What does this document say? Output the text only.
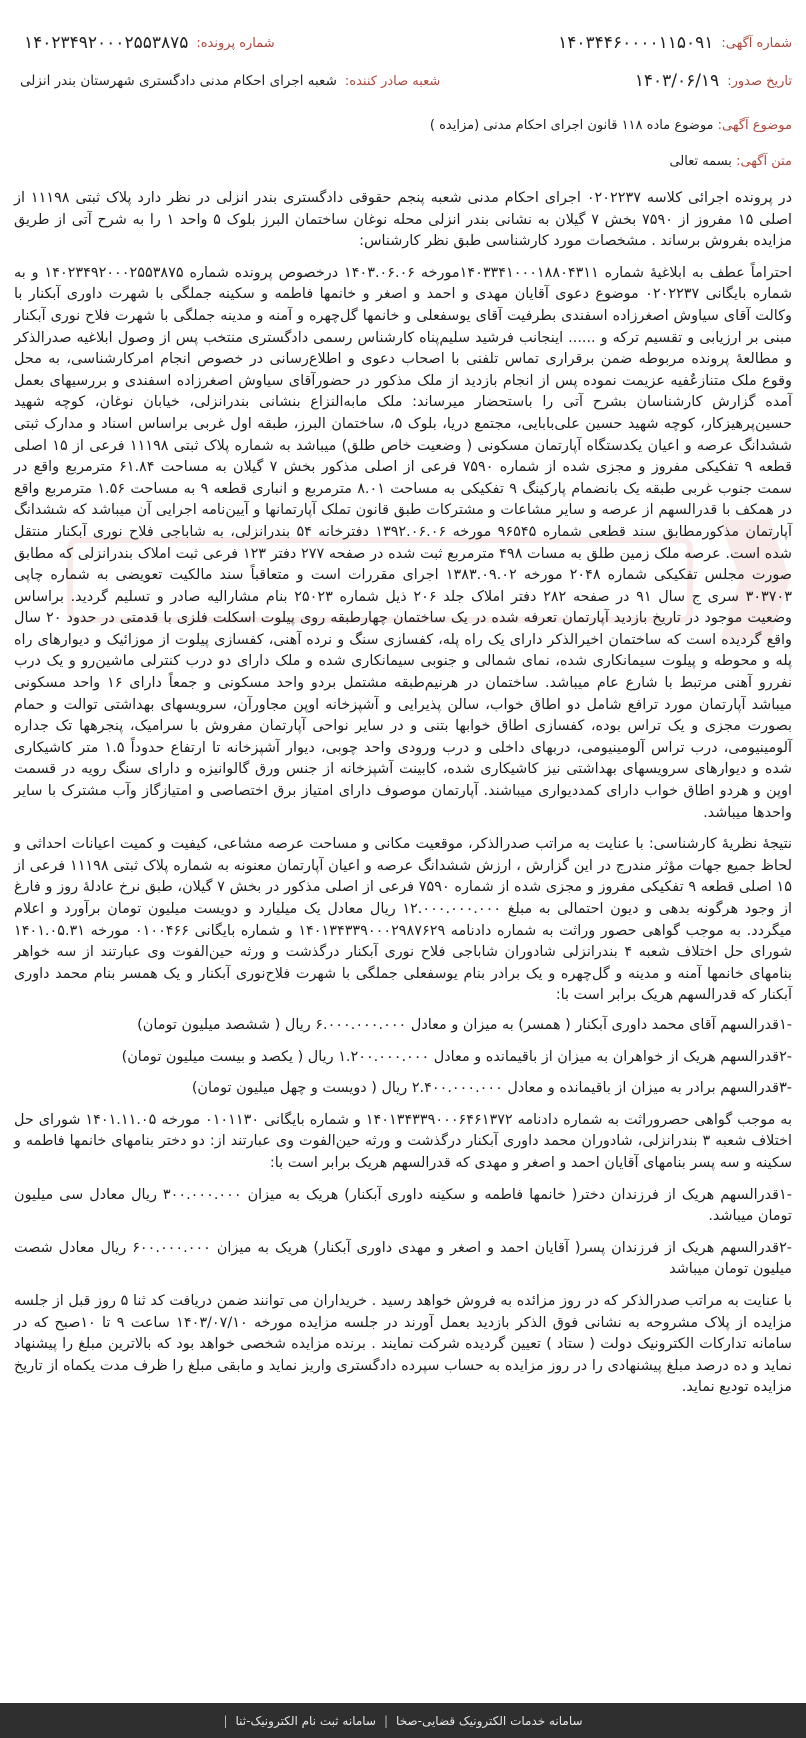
شماره آگهی:
۱۴۰۳۴۴۶۰۰۰۰۱۱۵۰۹۱
شماره پرونده:
۱۴۰۲۳۴۹۲۰۰۰۲۵۵۳۸۷۵
تاریخ صدور:
۱۴۰۳/۰۶/۱۹
شعبه صادر کننده:
شعبه اجرای احکام مدنی دادگستری شهرستان بندر انزلی
موضوع آگهی: موضوع ماده ۱۱۸ قانون اجرای احکام مدنی (مزایده )
متن آگهی: بسمه تعالی

در پرونده اجرائی کلاسه ۰۲۰۲۲۳۷ اجرای احکام مدنی شعبه پنجم حقوقی دادگستری بندر انزلی در نظر دارد پلاک ثبتی ۱۱۱۹۸ از اصلی ۱۵ مفروز از ۷۵۹۰ بخش ۷ گیلان به نشانی بندر انزلی محله نوغان ساختمان البرز بلوک ۵ واحد ۱ را به شرح آتی از طریق مزایده بفروش برساند . مشخصات مورد کارشناسی طبق نظر کارشناس:

احتراماً عطف به ابلاغیهٔ شماره ۱۴۰۳۳۴۱۰۰۰۱۸۸۰۴۳۱۱مورخه ۱۴۰۳.۰۶.۰۶ درخصوص پرونده شماره ۱۴۰۲۳۴۹۲۰۰۰۲۵۵۳۸۷۵ و به شماره بایگانی ۰۲۰۲۲۳۷ موضوع دعوی آقایان مهدی و احمد و اصغر و خانمها فاطمه و سکینه جملگی با شهرت داوری آبکنار با وکالت آقای سیاوش اصغرزاده اسفندی بطرفیت آقای یوسفعلی و خانمها گل‌چهره و آمنه و مدینه جملگی با شهرت فلاح نوری آبکنار مبنی بر ارزیابی و تقسیم ترکه و ...... اینجانب فرشید سلیم‌پناه کارشناس رسمی دادگستری منتخب پس از وصول ابلاغیه صدرالذکر و مطالعهٔ پرونده مربوطه ضمن برقراری تماس تلفنی با اصحاب دعوی و اطلاع‌رسانی در خصوص انجام امرکارشناسی، به محل وقوع ملک متنازعٌفیه عزیمت نموده پس از انجام بازدید از ملک مذکور در حضورآقای سیاوش اصغرزاده اسفندی و بررسیهای بعمل آمده گزارش کارشناسان بشرح آتی را باستحضار میرساند: ملک مابه‌النزاع بنشانی بندرانزلی، خیابان نوغان، کوچه شهید حسین‌پرهیزکار، کوچه شهید حسین علی‌بابایی، مجتمع دریا، بلوک ۵، ساختمان البرز، طبقه اول غربی براساس اسناد و مدارک ثبتی ششدانگ عرصه و اعیان یکدستگاه آپارتمان مسکونی ( وضعیت خاص طلق) میباشد به شماره پلاک ثبتی ۱۱۱۹۸ فرعی از ۱۵ اصلی قطعه ۹ تفکیکی مفروز و مجزی شده از شماره ۷۵۹۰ فرعی از اصلی مذکور بخش ۷ گیلان به مساحت ۶۱.۸۴ مترمربع واقع در سمت جنوب غربی طبقه یک بانضمام پارکینگ ۹ تفکیکی به مساحت ۸.۰۱ مترمربع و انباری قطعه ۹ به مساحت ۱.۵۶ مترمربع واقع در همکف با قدرالسهم از عرصه و سایر مشاعات و مشترکات طبق قانون تملک آپارتمانها و آیین‌نامه اجرایی آن میباشد که ششدانگ آپارتمان مذکورمطابق سند قطعی شماره ۹۶۵۴۵ مورخه ۱۳۹۲.۰۶.۰۶ دفترخانه ۵۴ بندرانزلی، به شاباجی فلاح نوری آبکنار منتقل شده است. عرصه ملک زمین طلق به مسات ۴۹۸ مترمربع ثبت شده در صفحه ۲۷۷ دفتر ۱۲۳ فرعی ثبت املاک بندرانزلی که مطابق صورت مجلس تفکیکی شماره ۲۰۴۸ مورخه ۱۳۸۳.۰۹.۰۲ اجرای مقررات است و متعاقباً سند مالکیت تعویضی به شماره چاپی ۳۰۳۷۰۳ سری ج سال ۹۱ در صفحه ۲۸۲ دفتر املاک جلد ۲۰۶ ذیل شماره ۲۵۰۲۳ بنام مشارالیه صادر و تسلیم گردید. براساس وضعیت موجود در تاریخ بازدید آپارتمان تعرفه شده در یک ساختمان چهارطبقه روی پیلوت اسکلت فلزی با قدمتی در حدود ۲۰ سال واقع گردیده است که ساختمان اخیرالذکر دارای یک راه پله، کفسازی سنگ و نرده آهنی، کفسازی پیلوت از موزائیک و دیوارهای راه پله و محوطه و پیلوت سیمانکاری شده، نمای شمالی و جنوبی سیمانکاری شده و ملک دارای دو درب کنترلی ماشین‌رو و یک درب نفررو آهنی مرتبط با شارع عام میباشد. ساختمان در هرنیم‌طبقه مشتمل بردو واحد مسکونی و جمعاً دارای ۱۶ واحد مسکونی میباشد آپارتمان مورد ترافع شامل دو اطاق خواب، سالن پذیرایی و آشپزخانه اوپن مجاورآن، سرویسهای بهداشتی توالت و حمام بصورت مجزی و یک تراس بوده، کفسازی اطاق خوابها بتنی و در سایر نواحی آپارتمان مفروش با سرامیک، پنجرهها تک جداره آلومینیومی، درب تراس آلومینیومی، دربهای داخلی و درب ورودی واحد چوبی، دیوار آشپزخانه تا ارتفاع حدوداً ۱.۵ متر کاشیکاری شده و دیوارهای سرویسهای بهداشتی نیز کاشیکاری شده، کابینت آشپزخانه از جنس ورق گالوانیزه و دارای سنگ رویه در قسمت اوپن و هردو اطاق خواب دارای کمددیواری میباشند. آپارتمان موصوف دارای امتیاز برق اختصاصی و امتیازگاز وآب مشترک با سایر واحدها میباشد.

نتیجهٔ نظریهٔ کارشناسی: با عنایت به مراتب صدرالذکر، موقعیت مکانی و مساحت عرصه مشاعی، کیفیت و کمیت اعیانات احداثی و لحاظ جمیع جهات مؤثر مندرج در این گزارش ، ارزش ششدانگ عرصه و اعیان آپارتمان معنونه به شماره پلاک ثبتی ۱۱۱۹۸ فرعی از ۱۵ اصلی قطعه ۹ تفکیکی مفروز و مجزی شده از شماره ۷۵۹۰ فرعی از اصلی مذکور در بخش ۷ گیلان، طبق نرخ عادلهٔ روز و فارغ از وجود هرگونه بدهی و دیون احتمالی به مبلغ ۱۲.۰۰۰.۰۰۰.۰۰۰ ریال معادل یک میلیارد و دویست میلیون تومان برآورد و اعلام میگردد. به موجب گواهی حصور وراثت به شماره دادنامه ۱۴۰۱۳۴۳۳۹۰۰۰۲۹۸۷۶۲۹ و شماره بایگانی ۰۱۰۰۴۶۶ مورخه ۱۴۰۱.۰۵.۳۱ شورای حل اختلاف شعبه ۴ بندرانزلی شادوران شاباجی فلاح نوری آبکنار درگذشت و ورثه حین‌الفوت وی عبارتند از سه خواهر بنامهای خانمها آمنه و مدینه و گل‌چهره و یک برادر بنام یوسفعلی جملگی با شهرت فلاح‌نوری آبکنار و یک همسر بنام محمد داوری آبکنار که قدرالسهم هریک برابر است با:

-۱قدرالسهم آقای محمد داوری آبکنار ( همسر) به میزان و معادل ۶.۰۰۰.۰۰۰.۰۰۰ ریال ( ششصد میلیون تومان)

-۲قدرالسهم هریک از خواهران به میزان از باقیمانده و معادل ۱.۲۰۰.۰۰۰.۰۰۰ ریال ( یکصد و بیست میلیون تومان)

-۳قدرالسهم برادر به میزان از باقیمانده و معادل ۲.۴۰۰.۰۰۰.۰۰۰ ریال ( دویست و چهل میلیون تومان)

به موجب گواهی حصروراثت به شماره دادنامه ۱۴۰۱۳۴۳۳۹۰۰۰۶۴۶۱۳۷۲ و شماره بایگانی ۰۱۰۱۱۳۰ مورخه ۱۴۰۱.۱۱.۰۵ شورای حل اختلاف شعبه ۳ بندرانزلی، شادوران محمد داوری آبکنار درگذشت و ورثه حین‌الفوت وی عبارتند از: دو دختر بنامهای خانمها فاطمه و سکینه و سه پسر بنامهای آقایان احمد و اصغر و مهدی که قدرالسهم هریک برابر است با:

-۱قدرالسهم هریک از فرزندان دختر( خانمها فاطمه و سکینه داوری آبکنار) هریک به میزان ۳۰۰.۰۰۰.۰۰۰ ریال معادل سی میلیون تومان میباشد.

-۲قدرالسهم هریک از فرزندان پسر( آقایان احمد و اصغر و مهدی داوری آبکنار) هریک به میزان ۶۰۰.۰۰۰.۰۰۰ ریال معادل شصت میلیون تومان میباشد

با عنایت به مراتب صدرالذکر که در روز مزائده به فروش خواهد رسید . خریداران می توانند ضمن دریافت کد ثنا ۵ روز قبل از جلسه مزایده از پلاک مشروحه به نشانی فوق الذکر بازدید بعمل آورند در جلسه مزایده مورخه ۱۴۰۳/۰۷/۱۰ ساعت ۹ تا ۱۰صبح که در سامانه تدارکات الکترونیک دولت ( ستاد ) تعیین گردیده شرکت نمایند . برنده مزایده شخصی خواهد بود که بالاترین مبلغ را پیشنهاد نماید و ده درصد مبلغ پیشنهادی را در روز مزایده به حساب سپرده دادگستری واریز نماید و مابقی مبلغ را ظرف مدت یکماه از تاریخ مزایده تودیع نماید.

سامانه خدمات الکترونیک قضایی-صخا
|
سامانه ثبت نام الکترونیک-ثنا
|
